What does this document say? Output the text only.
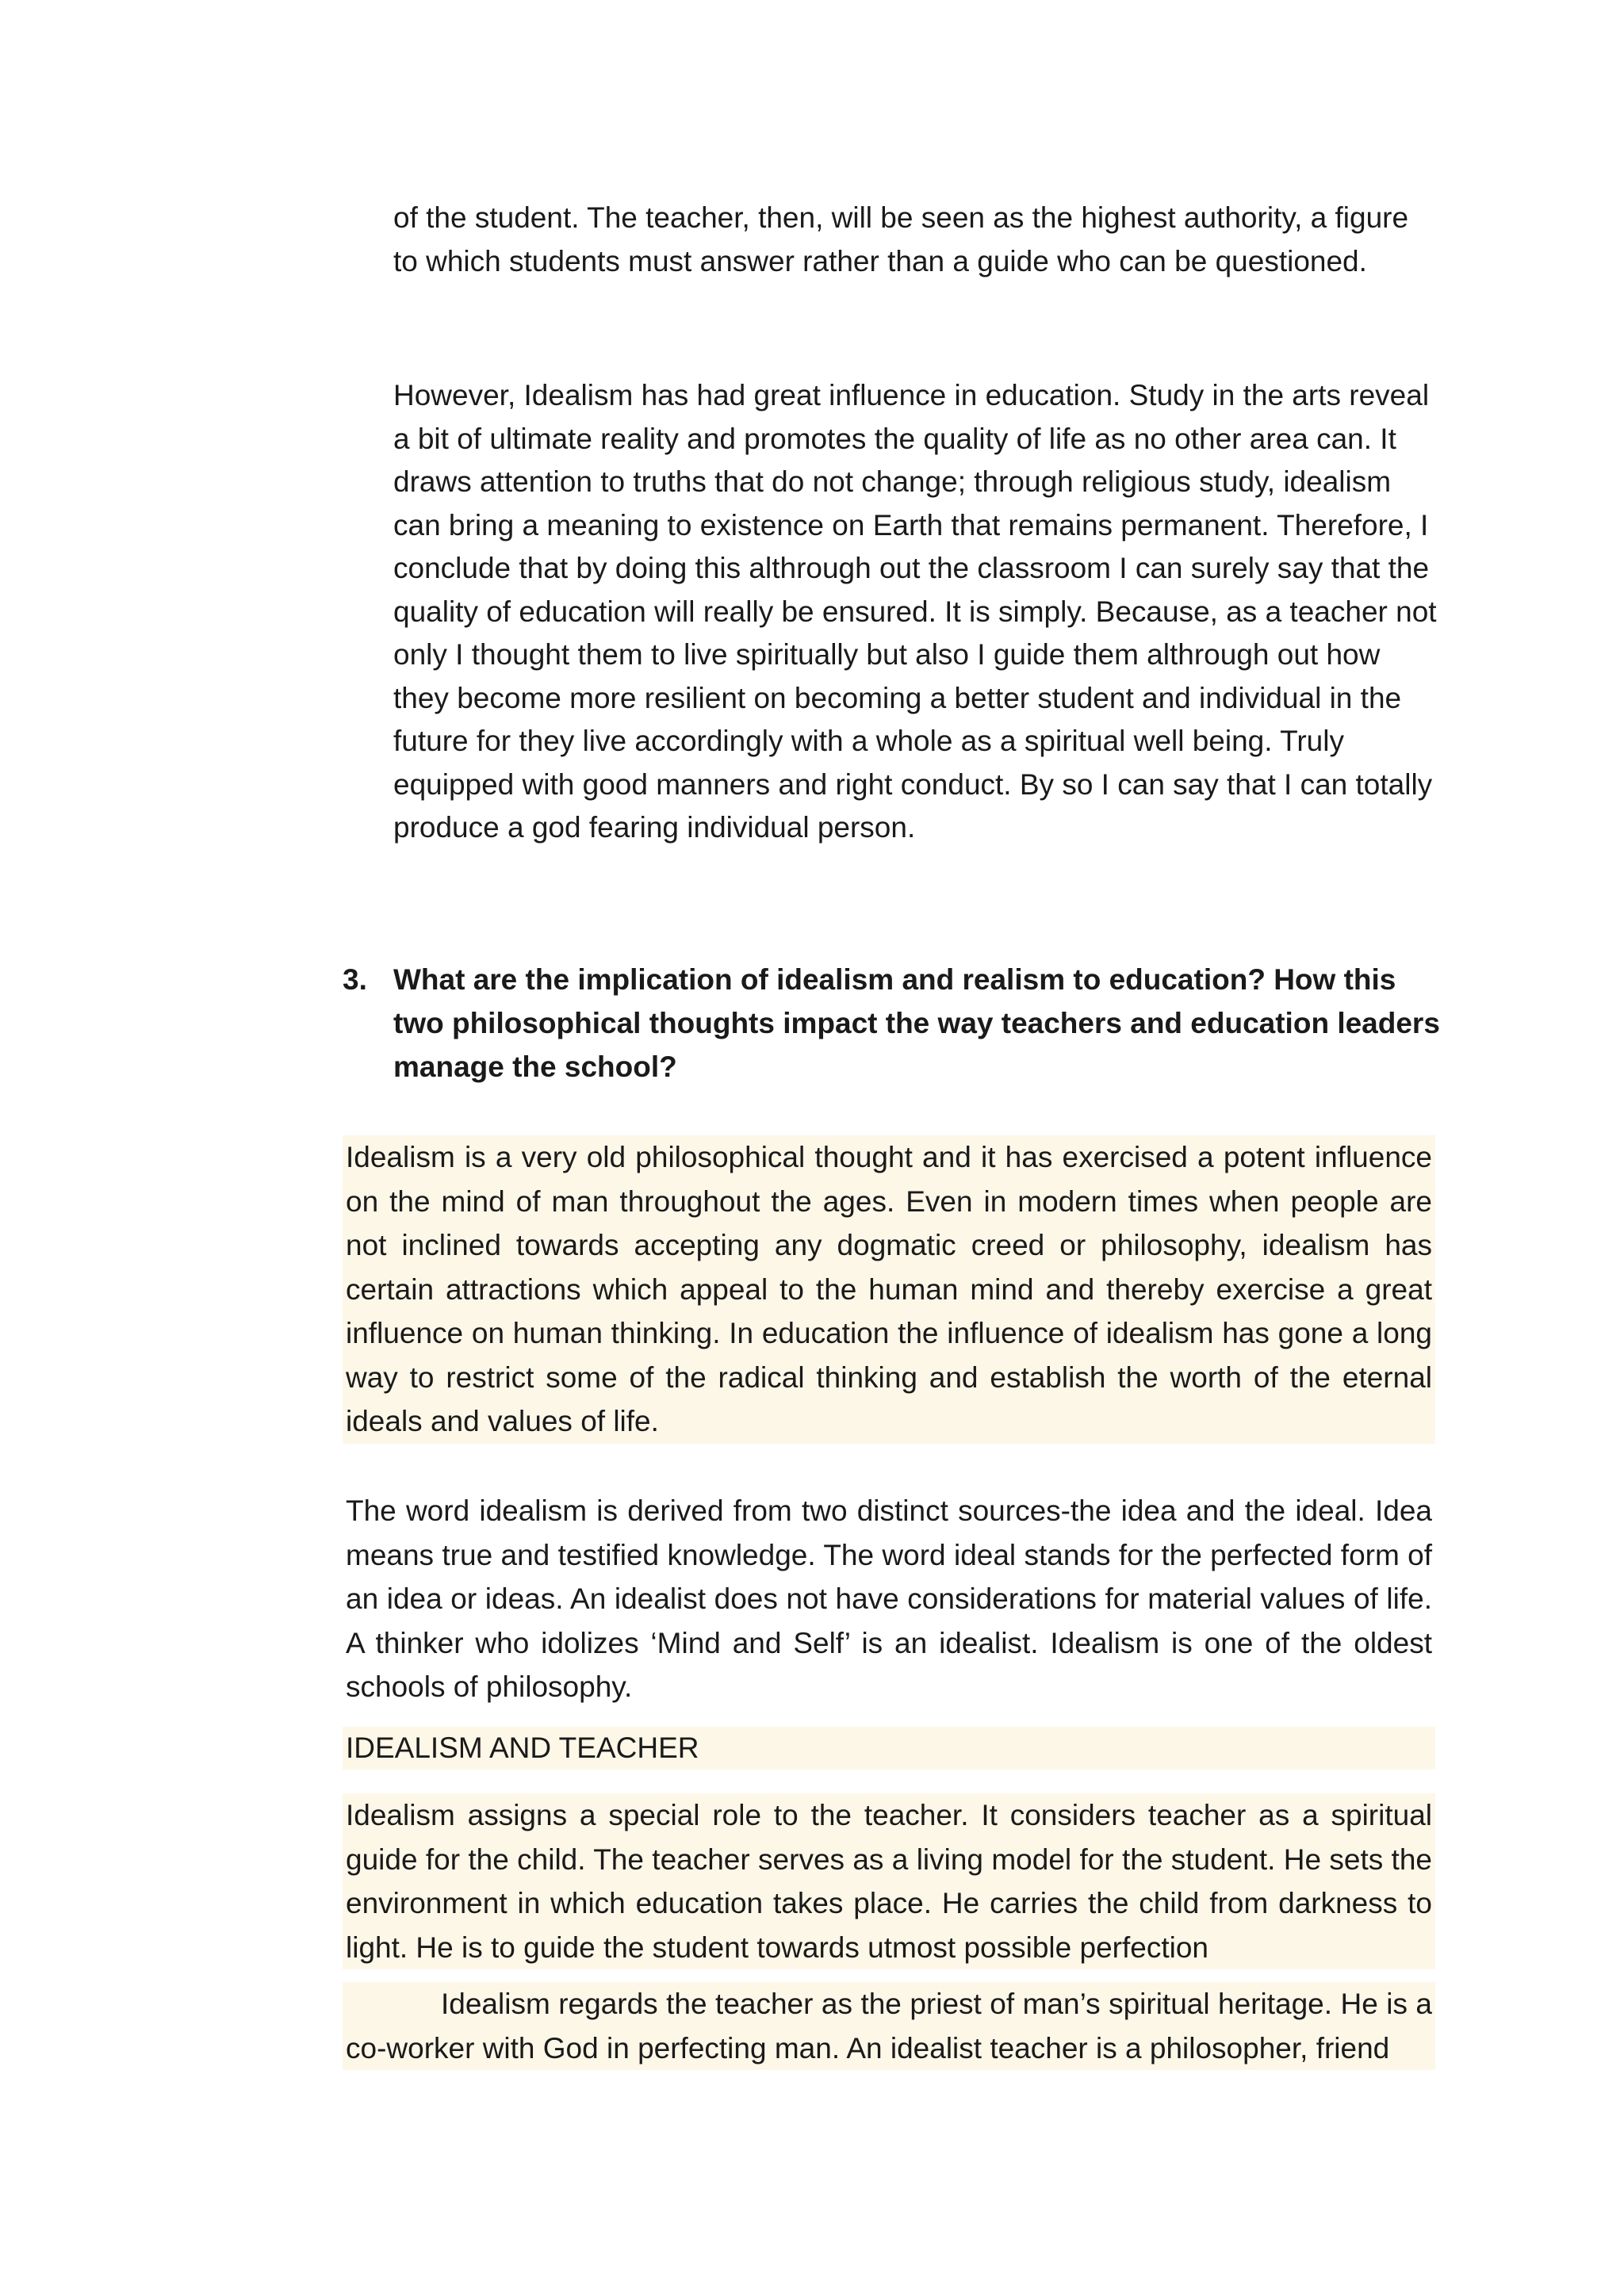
of the student. The teacher, then, will be seen as the highest authority, a figure to which students must answer rather than a guide who can be questioned.

However, Idealism has had great influence in education. Study in the arts reveal a bit of ultimate reality and promotes the quality of life as no other area can. It draws attention to truths that do not change; through religious study, idealism can bring a meaning to existence on Earth that remains permanent. Therefore, I conclude that by doing this althrough out the classroom I can surely say that the quality of education will really be ensured. It is simply. Because, as a teacher not only I thought them to live spiritually but also I guide them althrough out how they become more resilient on becoming a better student and individual in the future for they live accordingly with a whole as a spiritual well being. Truly equipped with good manners and right conduct. By so I can say that I can totally produce a god fearing individual person.

3. What are the implication of idealism and realism to education? How this two philosophical thoughts impact the way teachers and education leaders manage the school?

Idealism is a very old philosophical thought and it has exercised a potent influence on the mind of man throughout the ages. Even in modern times when people are not inclined towards accepting any dogmatic creed or philosophy, idealism has certain attractions which appeal to the human mind and thereby exercise a great influence on human thinking. In education the influence of idealism has gone a long way to restrict some of the radical thinking and establish the worth of the eternal ideals and values of life.

The word idealism is derived from two distinct sources-the idea and the ideal. Idea means true and testified knowledge. The word ideal stands for the perfected form of an idea or ideas. An idealist does not have considerations for material values of life. A thinker who idolizes ‘Mind and Self’ is an idealist. Idealism is one of the oldest schools of philosophy.

IDEALISM AND TEACHER

Idealism assigns a special role to the teacher. It considers teacher as a spiritual guide for the child. The teacher serves as a living model for the student. He sets the environment in which education takes place. He carries the child from darkness to light. He is to guide the student towards utmost possible perfection

Idealism regards the teacher as the priest of man’s spiritual heritage. He is a co-worker with God in perfecting man. An idealist teacher is a philosopher, friend
